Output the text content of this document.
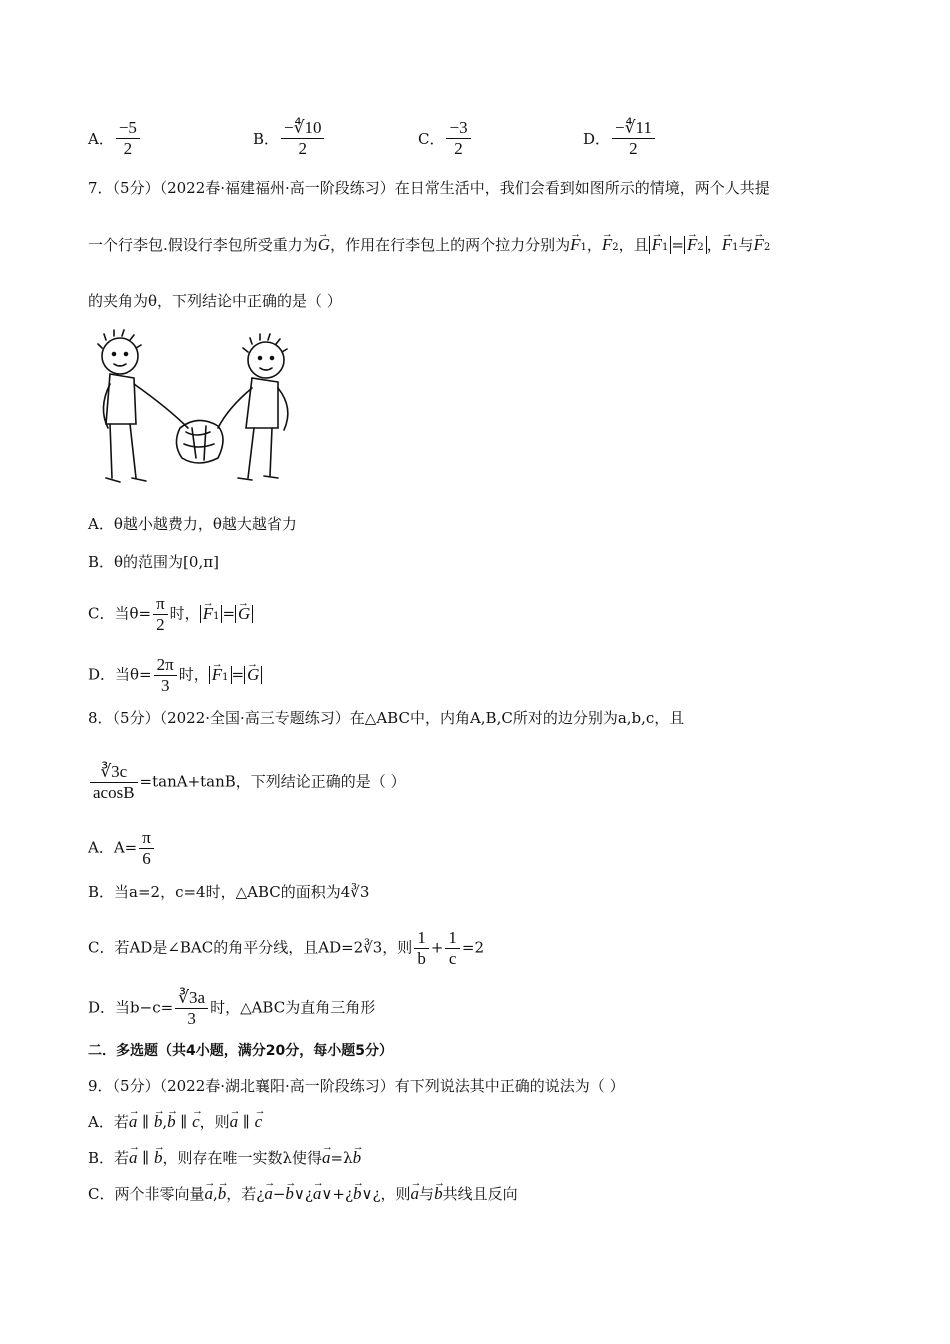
A． $\frac{-5}{2}$	B． $\frac{-∜10}{2}$	C． $\frac{-3}{2}$	D． $\frac{-∜11}{2}$
7．（5分）（2022春·福建福州·高一阶段练习）在日常生活中，我们会看到如图所示的情境，两个人共提
一个行李包.假设行李包所受重力为→ G，作用在行李包上的两个拉力分别为→ F1，→ F2，且 → F1 = → F2 ，→ F1与→ F2
的夹角为θ，下列结论中正确的是（ ）
A．θ越小越费力，θ越大越省力
B．θ的范围为[0,π]
C．当$\theta= \frac{\pi}{2}$ 时， → F1 = → G
D．当$\theta= \frac{2\pi}{3}$ 时， → F1 = → G
8．（5分）（2022·全国·高三专题练习）在△ABC中，内角A,B,C所对的边分别为a,b,c，且
$\frac{∛3c}{acosB} =\tan A+\tan B$，下列结论正确的是（ ）
A．$A= \frac{\pi}{6}$
B．当a=2，c=4时，△ABC的面积为4∛3
C．若AD是∠BAC的角平分线，且AD=2∛3，则 $\frac{1}{b} + \frac{1}{c} =2$
D．当$b-c= \frac{∛3a}{3}$ 时，△ABC为直角三角形
二．多选题（共4小题，满分20分，每小题5分）
9．（5分）（2022春·湖北襄阳·高一阶段练习）有下列说法其中正确的说法为（ ）
A．若→ a ∥ → b,→ b ∥ → c，则→ a ∥ → c
B．若→ a ∥ → b，则存在唯一实数λ使得→ a=λ→ b
C．两个非零向量→ a,→ b，若¿→ a−→ b∨¿→ a∨+¿→ b∨¿，则→ a与→ b共线且反向
